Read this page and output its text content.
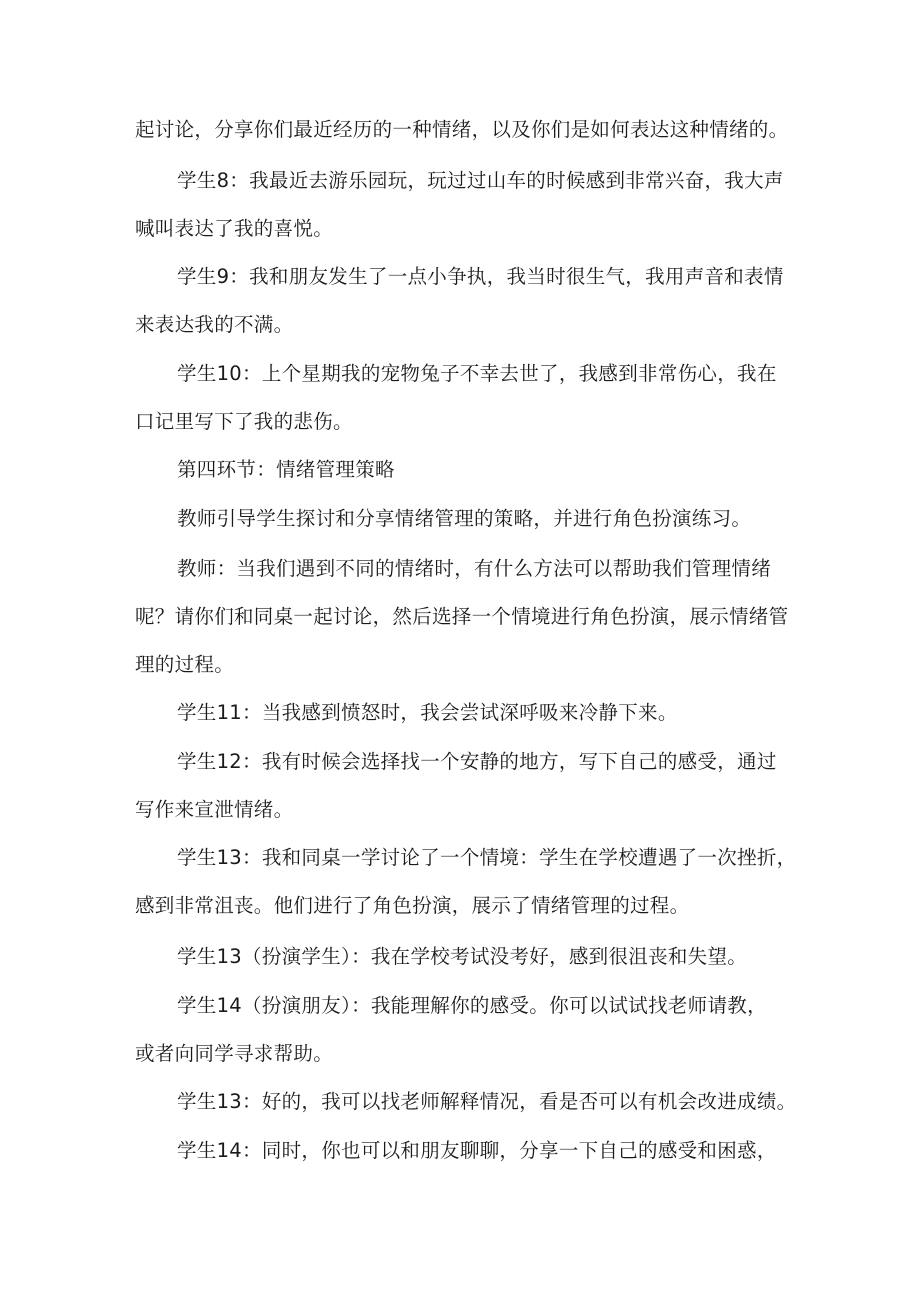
起讨论，分享你们最近经历的一种情绪，以及你们是如何表达这种情绪的。

学生8：我最近去游乐园玩，玩过过山车的时候感到非常兴奋，我大声
喊叫表达了我的喜悦。

学生9：我和朋友发生了一点小争执，我当时很生气，我用声音和表情
来表达我的不满。

学生10：上个星期我的宠物兔子不幸去世了，我感到非常伤心，我在
口记里写下了我的悲伤。

第四环节：情绪管理策略

教师引导学生探讨和分享情绪管理的策略，并进行角色扮演练习。

教师：当我们遇到不同的情绪时，有什么方法可以帮助我们管理情绪
呢？请你们和同桌一起讨论，然后选择一个情境进行角色扮演，展示情绪管
理的过程。

学生11：当我感到愤怒时，我会尝试深呼吸来冷静下来。

学生12：我有时候会选择找一个安静的地方，写下自己的感受，通过
写作来宣泄情绪。

学生13：我和同桌一学讨论了一个情境：学生在学校遭遇了一次挫折，
感到非常沮丧。他们进行了角色扮演，展示了情绪管理的过程。

学生13（扮演学生）：我在学校考试没考好，感到很沮丧和失望。

学生14（扮演朋友）：我能理解你的感受。你可以试试找老师请教，
或者向同学寻求帮助。

学生13：好的，我可以找老师解释情况，看是否可以有机会改进成绩。

学生14：同时，你也可以和朋友聊聊，分享一下自己的感受和困惑，
